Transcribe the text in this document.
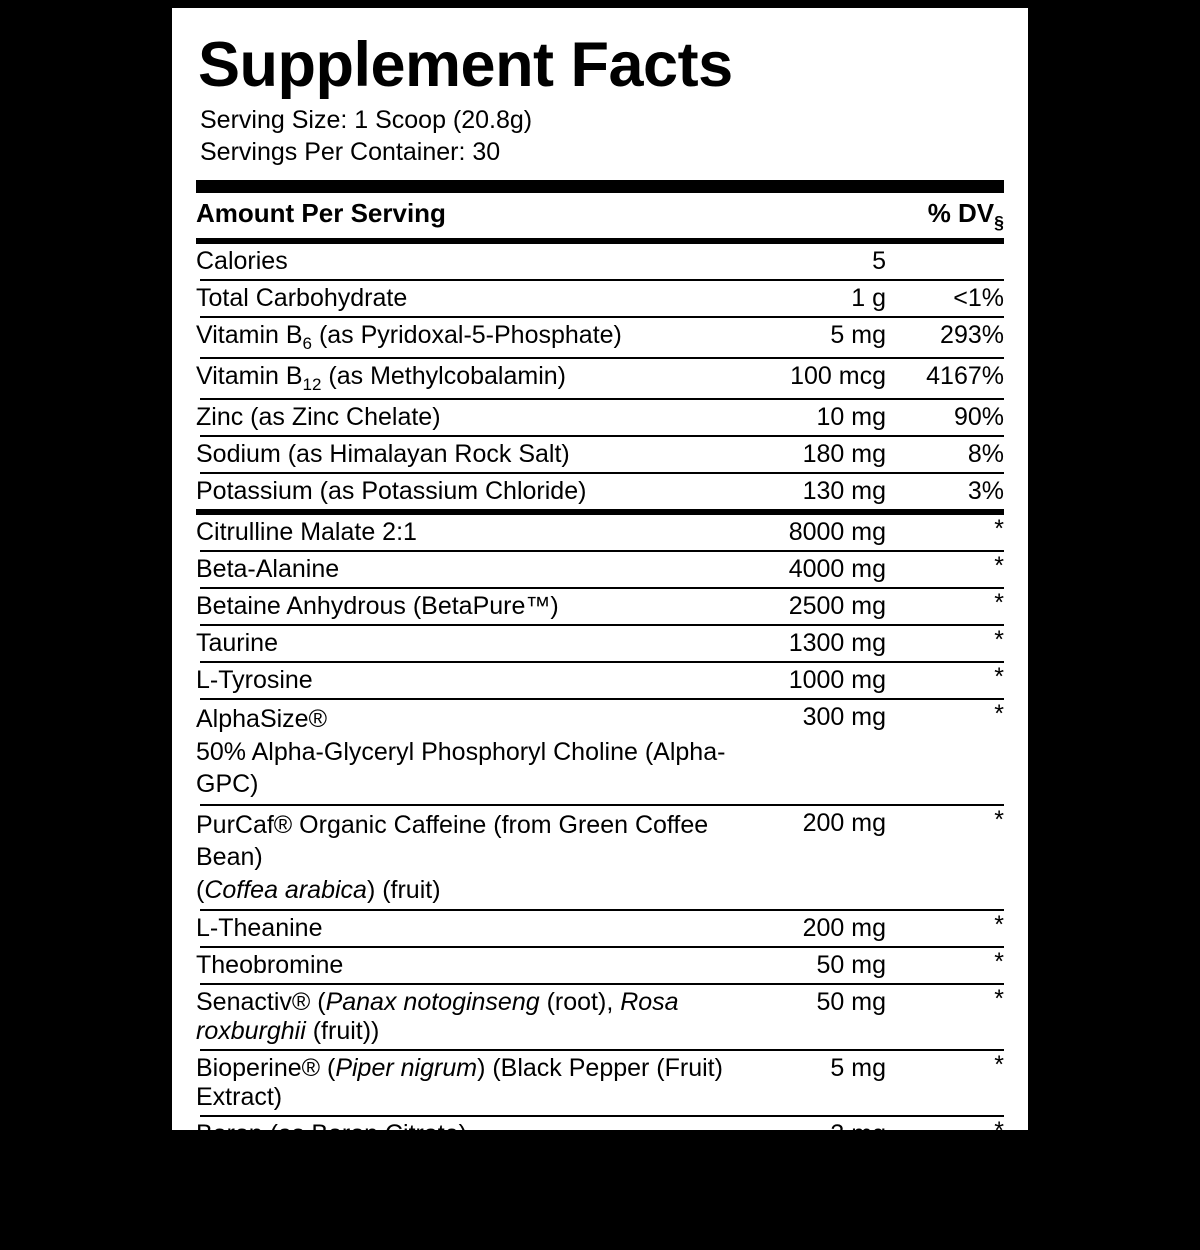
Supplement Facts
Serving Size: 1 Scoop (20.8g)
Servings Per Container: 30
Amount Per Serving		% $DV_\S$

Calories	5	

Total Carbohydrate	1 g	<1%

Vitamin $B_6$ (as Pyridoxal-5-Phosphate)	5 mg	293%

Vitamin $B_{12}$ (as Methylcobalamin)	100 mcg	4167%

Zinc (as Zinc Chelate)	10 mg	90%

Sodium (as Himalayan Rock Salt)	180 mg	8%

Potassium (as Potassium Chloride)	130 mg	3%

Citrulline Malate 2:1	8000 mg	*

Beta-Alanine	4000 mg	*

Betaine Anhydrous (BetaPure™)	2500 mg	*

Taurine	1300 mg	*

L-Tyrosine	1000 mg	*

AlphaSize®
50% Alpha-Glyceryl Phosphoryl Choline (Alpha-GPC)	300 mg	*

PurCaf® Organic Caffeine (from Green Coffee Bean)
(Coffea arabica) (fruit)	200 mg	*

L-Theanine	200 mg	*

Theobromine	50 mg	*

Senactiv® (Panax notoginseng (root), Rosa roxburghii (fruit))	50 mg	*

Bioperine® (Piper nigrum) (Black Pepper (Fruit) Extract)	5 mg	*

Boron (as Boron Citrate)	3 mg	*
§ Percent Daily Values (DV) are based on a 2,000 calorie diet.
* Daily Value not established.
